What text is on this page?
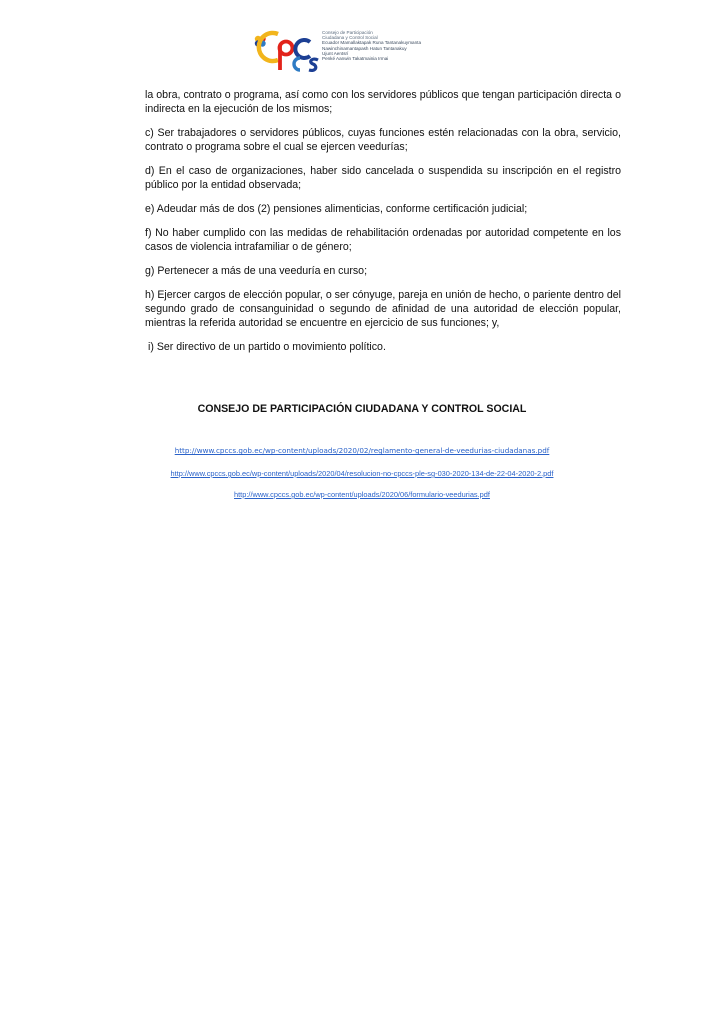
Consejo de Participación
Ciudadana y Control Social
Ecuador Mamallaktapak Runa Tantanakuymanta
Nawinchinamantapash Hatun Tantanakuy
Ujunt Aentsrí
Penké Aanwin Takatmainia Irmai

la obra, contrato o programa, así como con los servidores públicos que tengan participación directa o indirecta en la ejecución de los mismos;

c) Ser trabajadores o servidores públicos, cuyas funciones estén relacionadas con la obra, servicio, contrato o programa sobre el cual se ejercen veedurías;

d) En el caso de organizaciones, haber sido cancelada o suspendida su inscripción en el registro público por la entidad observada;

e) Adeudar más de dos (2) pensiones alimenticias, conforme certificación judicial;

f) No haber cumplido con las medidas de rehabilitación ordenadas por autoridad competente en los casos de violencia intrafamiliar o de género;

g) Pertenecer a más de una veeduría en curso;

h) Ejercer cargos de elección popular, o ser cónyuge, pareja en unión de hecho, o pariente dentro del segundo grado de consanguinidad o segundo de afinidad de una autoridad de elección popular, mientras la referida autoridad se encuentre en ejercicio de sus funciones; y,

i) Ser directivo de un partido o movimiento político.

CONSEJO DE PARTICIPACIÓN CIUDADANA Y CONTROL SOCIAL
http://www.cpccs.gob.ec/wp-content/uploads/2020/02/reglamento-general-de-veedurias-ciudadanas.pdf
http://www.cpccs.gob.ec/wp-content/uploads/2020/04/resolucion-no-cpccs-ple-sg-030-2020-134-de-22-04-2020-2.pdf
http://www.cpccs.gob.ec/wp-content/uploads/2020/06/formulario-veedurias.pdf
